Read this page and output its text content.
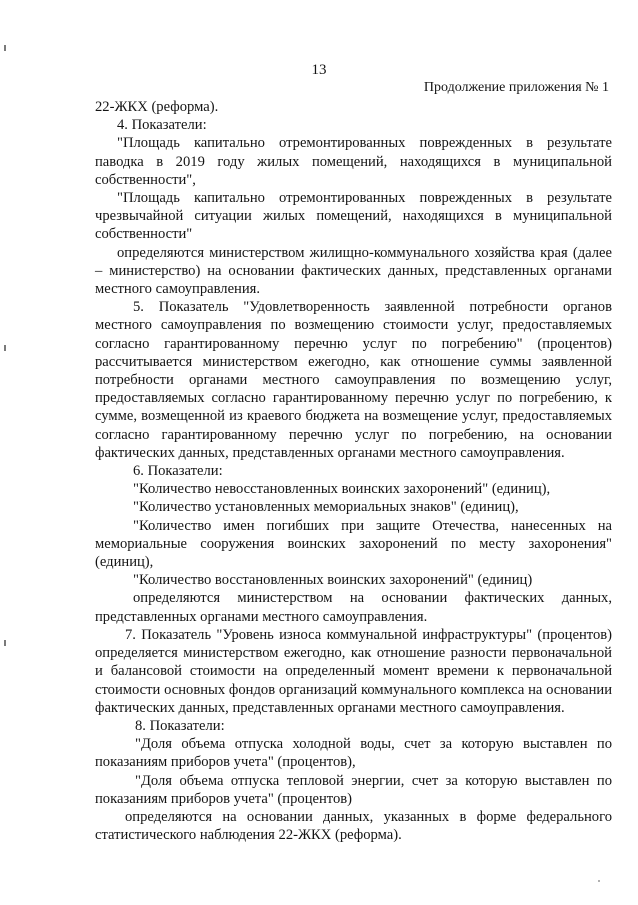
13
Продолжение приложения № 1

22-ЖКХ (реформа).

4. Показатели:

"Площадь капитально отремонтированных поврежденных в результате паводка в 2019 году жилых помещений, находящихся в муниципальной собственности",

"Площадь капитально отремонтированных поврежденных в результате чрезвычайной ситуации жилых помещений, находящихся в муниципальной собственности"

определяются министерством жилищно-коммунального хозяйства края (далее – министерство) на основании фактических данных, представленных органами местного самоуправления.

5. Показатель "Удовлетворенность заявленной потребности органов местного самоуправления по возмещению стоимости услуг, предоставляемых согласно гарантированному перечню услуг по погребению" (процентов) рассчитывается министерством ежегодно, как отношение суммы заявленной потребности органами местного самоуправления по возмещению услуг, предоставляемых согласно гарантированному перечню услуг по погребению, к сумме, возмещенной из краевого бюджета на возмещение услуг, предоставляемых согласно гарантированному перечню услуг по погребению, на основании фактических данных, представленных органами местного самоуправления.

6. Показатели:

"Количество невосстановленных воинских захоронений" (единиц),

"Количество установленных мемориальных знаков" (единиц),

"Количество имен погибших при защите Отечества, нанесенных на мемориальные сооружения воинских захоронений по месту захоронения" (единиц),

"Количество восстановленных воинских захоронений" (единиц)

определяются министерством на основании фактических данных, представленных органами местного самоуправления.

7. Показатель "Уровень износа коммунальной инфраструктуры" (процентов) определяется министерством ежегодно, как отношение разности первоначальной и балансовой стоимости на определенный момент времени к первоначальной стоимости основных фондов организаций коммунального комплекса на основании фактических данных, представленных органами местного самоуправления.

8. Показатели:

"Доля объема отпуска холодной воды, счет за которую выставлен по показаниям приборов учета" (процентов),

"Доля объема отпуска тепловой энергии, счет за которую выставлен по показаниям приборов учета" (процентов)

определяются на основании данных, указанных в форме федерального статистического наблюдения 22-ЖКХ (реформа).
